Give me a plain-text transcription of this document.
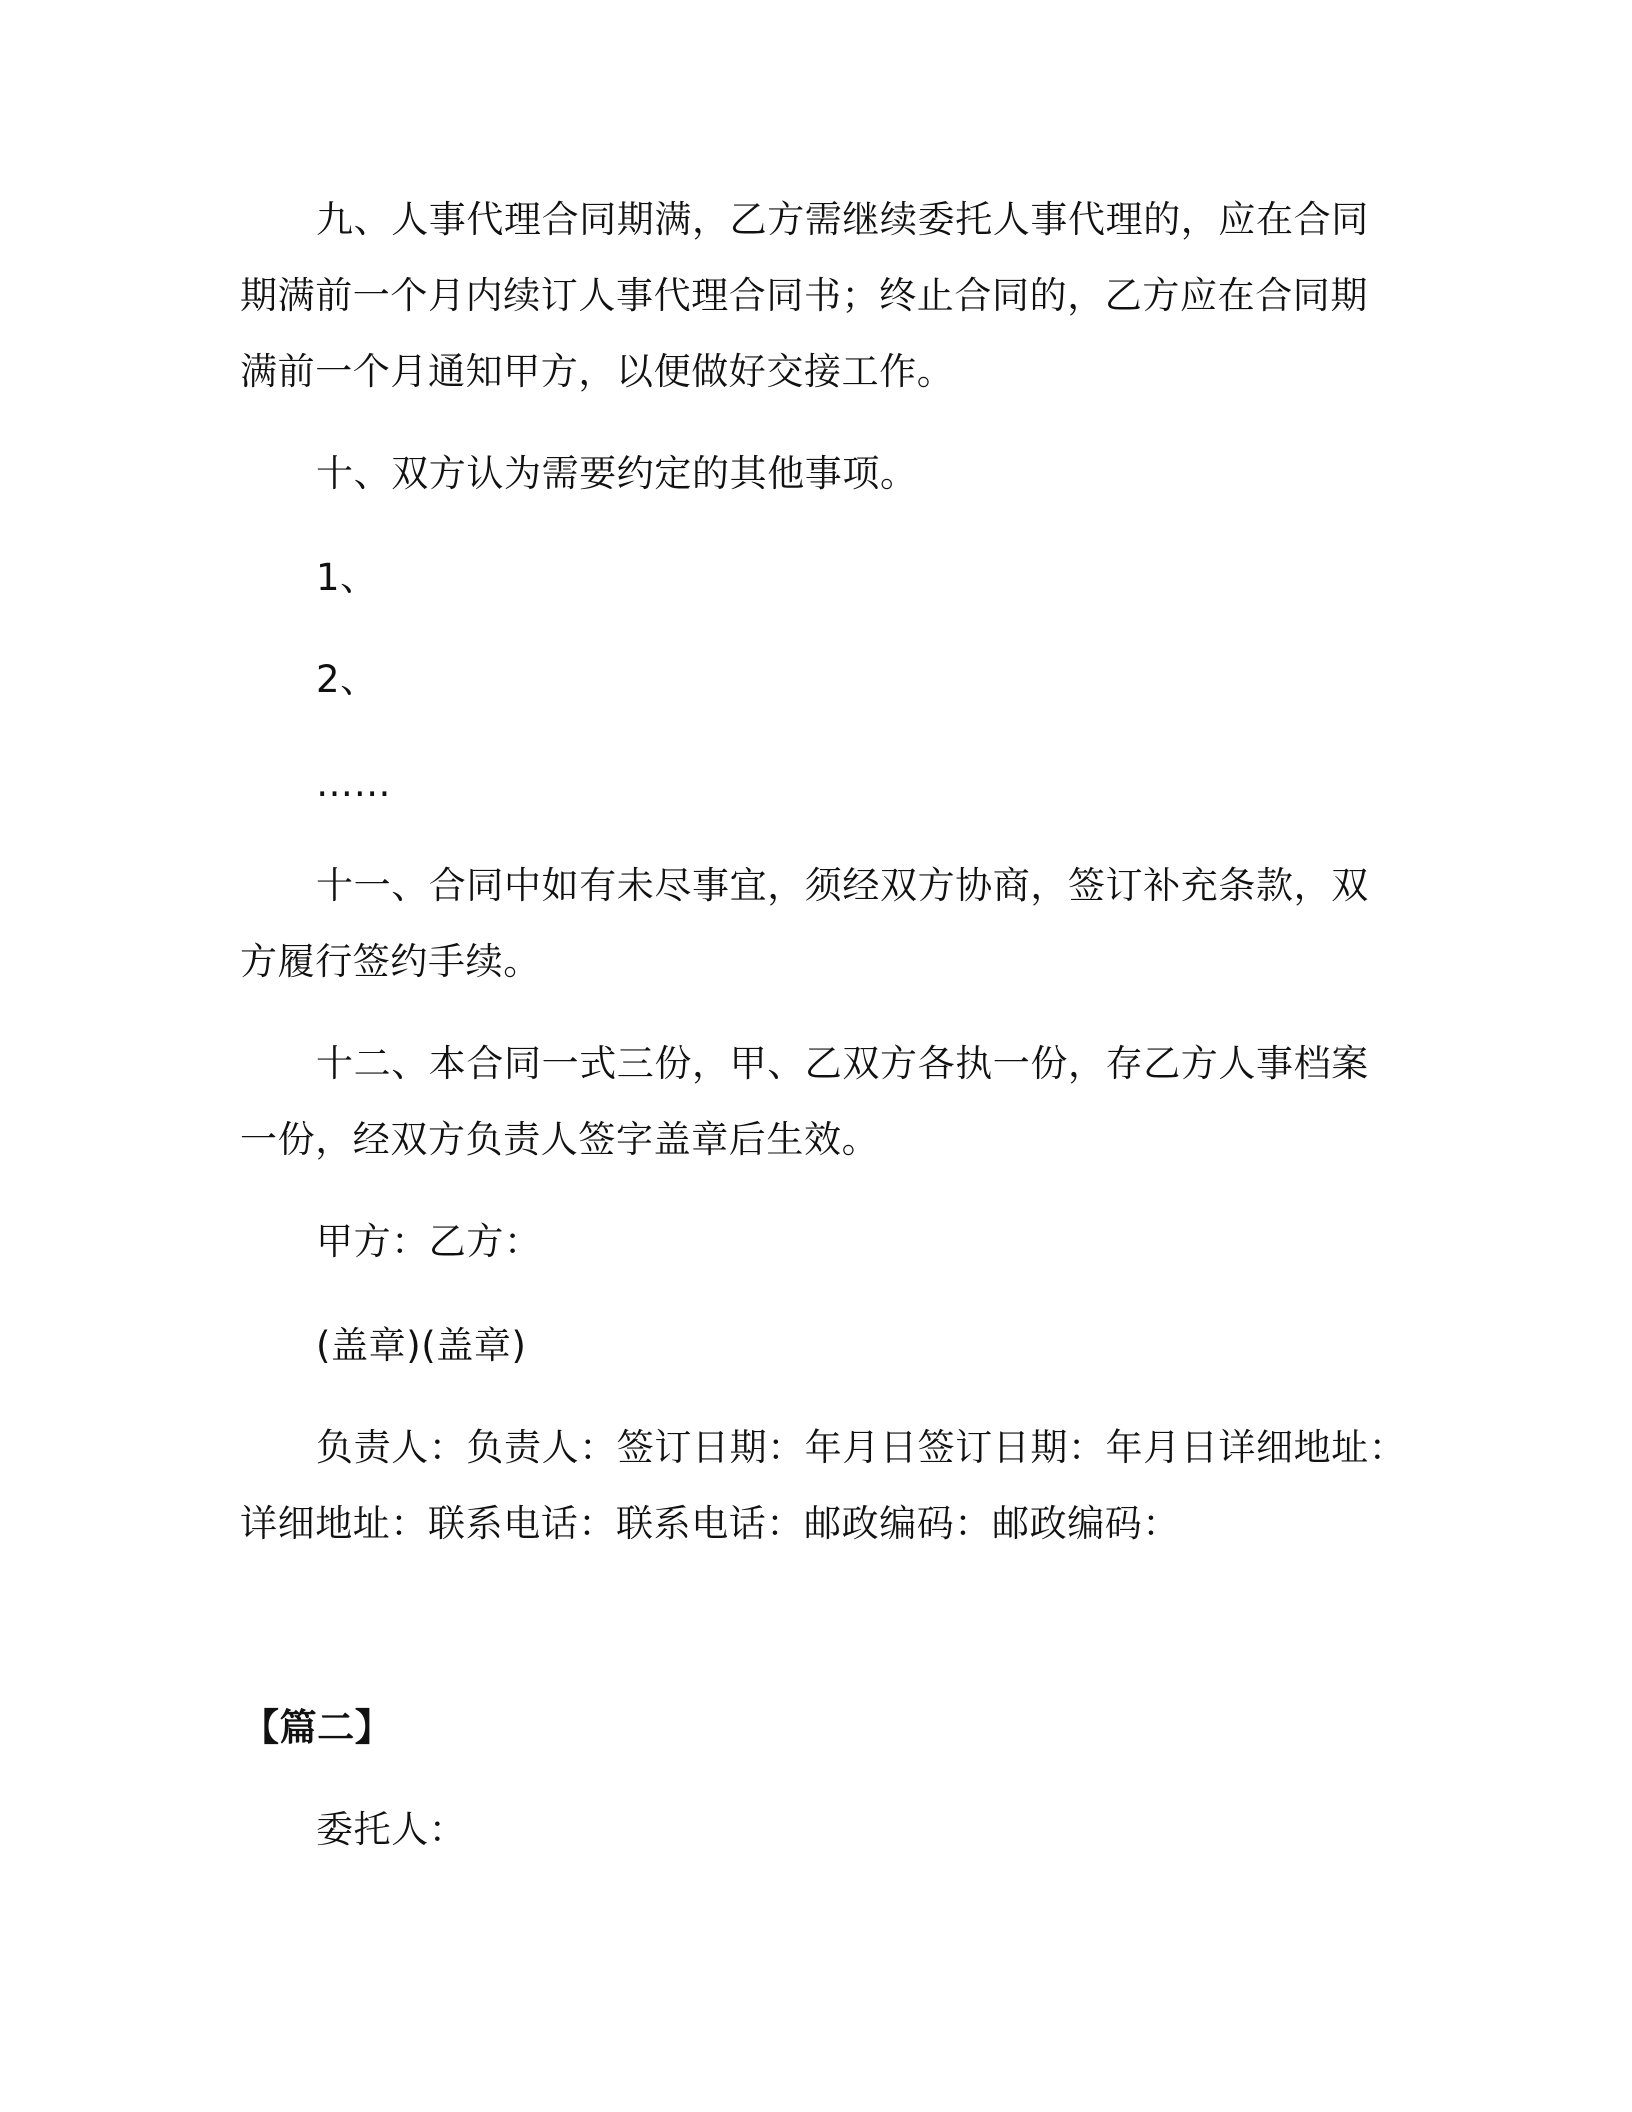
九、人事代理合同期满，乙方需继续委托人事代理的，应在合同
期满前一个月内续订人事代理合同书；终止合同的，乙方应在合同期
满前一个月通知甲方，以便做好交接工作。
十、双方认为需要约定的其他事项。
1、
2、
……
十一、合同中如有未尽事宜，须经双方协商，签订补充条款，双
方履行签约手续。
十二、本合同一式三份，甲、乙双方各执一份，存乙方人事档案
一份，经双方负责人签字盖章后生效。
甲方：乙方：
(盖章)(盖章)
负责人：负责人：签订日期：年月日签订日期：年月日详细地址：
详细地址：联系电话：联系电话：邮政编码：邮政编码：
【篇二】
委托人：
